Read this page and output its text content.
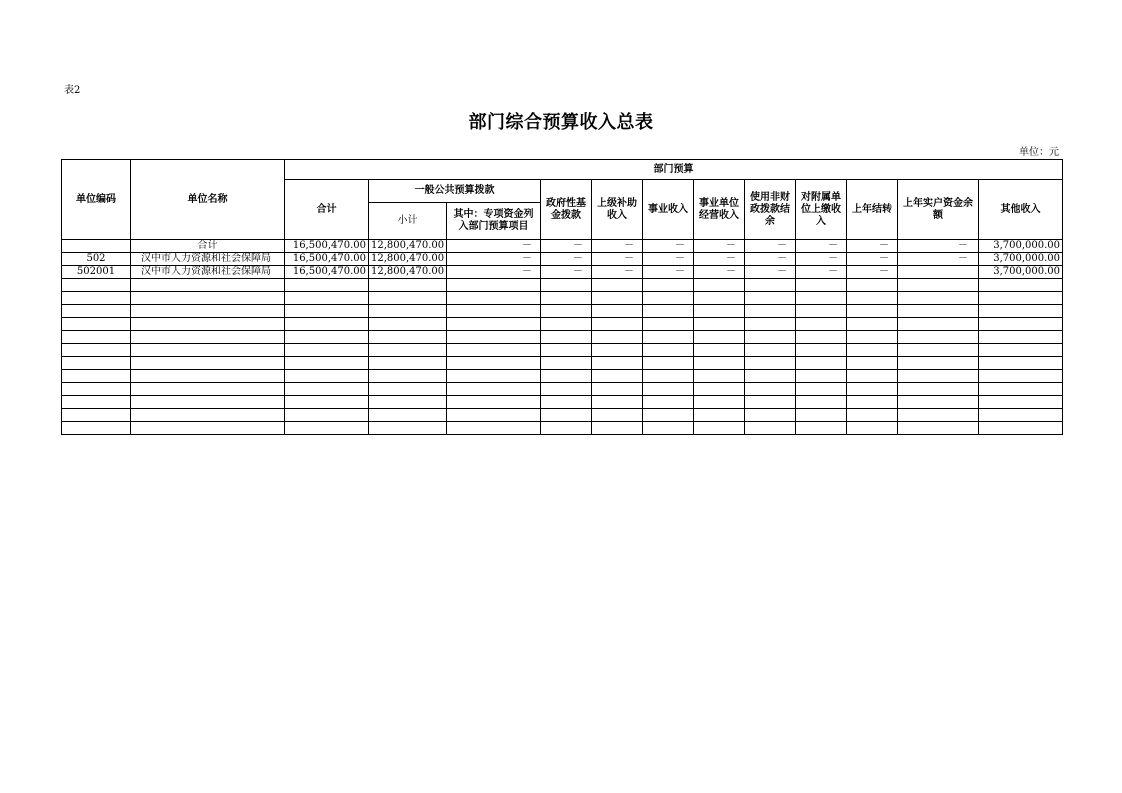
表2
部门综合预算收入总表
单位：元
单位编码	单位名称	部门预算											
		合计	一般公共预算拨款		政府性基金拨款	上级补助收入	事业收入	事业单位经营收入	使用非财政拨款结余	对附属单位上缴收入	上年结转	上年实户资金余额	其他收入
			小计	其中：专项资金列入部门预算项目									
	合计	16,500,470.00	12,800,470.00	－	－	－	－	－	－	－	－	－	3,700,000.00
502	汉中市人力资源和社会保障局	16,500,470.00	12,800,470.00	－	－	－	－	－	－	－	－	－	3,700,000.00
502001	汉中市人力资源和社会保障局	16,500,470.00	12,800,470.00	－	－	－	－	－	－	－	－		3,700,000.00
